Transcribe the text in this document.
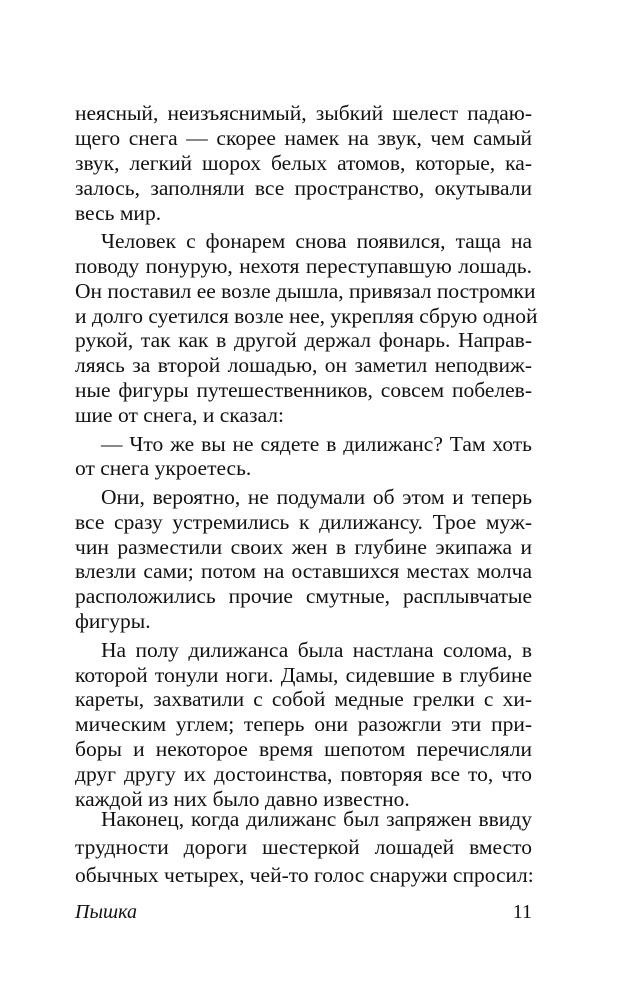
неясный, неизъяснимый, зыбкий шелест падаю-
щего снега — скорее намек на звук, чем самый
звук, легкий шорох белых атомов, которые, ка-
залось, заполняли все пространство, окутывали
весь мир.
Человек с фонарем снова появился, таща на
поводу понурую, нехотя переступавшую лошадь.
Он поставил ее возле дышла, привязал постромки
и долго суетился возле нее, укрепляя сбрую одной
рукой, так как в другой держал фонарь. Направ-
ляясь за второй лошадью, он заметил неподвиж-
ные фигуры путешественников, совсем побелев-
шие от снега, и сказал:
— Что же вы не сядете в дилижанс? Там хоть
от снега укроетесь.
Они, вероятно, не подумали об этом и теперь
все сразу устремились к дилижансу. Трое муж-
чин разместили своих жен в глубине экипажа и
влезли сами; потом на оставшихся местах молча
расположились прочие смутные, расплывчатые
фигуры.
На полу дилижанса была настлана солома, в
которой тонули ноги. Дамы, сидевшие в глубине
кареты, захватили с собой медные грелки с хи-
мическим углем; теперь они разожгли эти при-
боры и некоторое время шепотом перечисляли
друг другу их достоинства, повторяя все то, что
каждой из них было давно известно.
Наконец, когда дилижанс был запряжен ввиду
трудности дороги шестеркой лошадей вместо
обычных четырех, чей-то голос снаружи спросил:
Пышка	11
